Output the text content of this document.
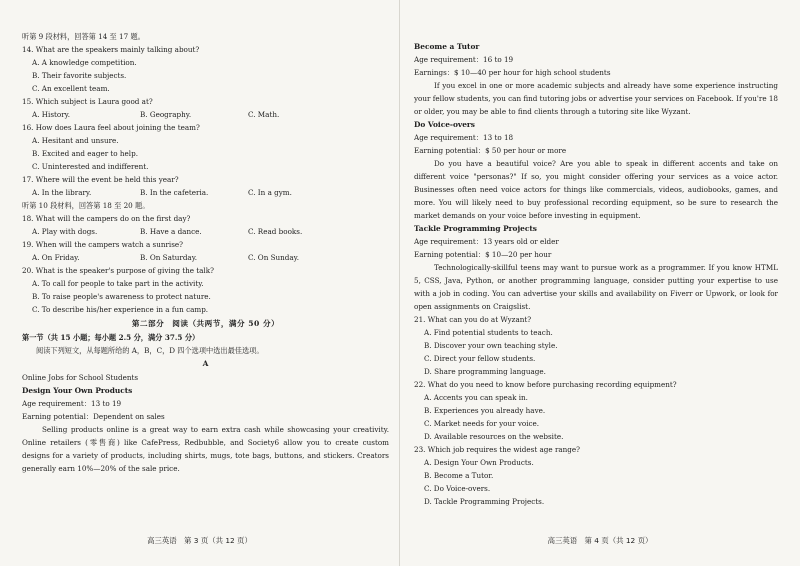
听第 9 段材料，回答第 14 至 17 题。
14. What are the speakers mainly talking about?
A. A knowledge competition.
B. Their favorite subjects.
C. An excellent team.
15. Which subject is Laura good at?
A. History.	B. Geography.	C. Math.
16. How does Laura feel about joining the team?
A. Hesitant and unsure.
B. Excited and eager to help.
C. Uninterested and indifferent.
17. Where will the event be held this year?
A. In the library.	B. In the cafeteria.	C. In a gym.
听第 10 段材料，回答第 18 至 20 题。
18. What will the campers do on the first day?
A. Play with dogs.	B. Have a dance.	C. Read books.
19. When will the campers watch a sunrise?
A. On Friday.	B. On Saturday.	C. On Sunday.
20. What is the speaker's purpose of giving the talk?
A. To call for people to take part in the activity.
B. To raise people's awareness to protect nature.
C. To describe his/her experience in a fun camp.
第二部分　阅读（共两节，满分 50 分）
第一节（共 15 小题；每小题 2.5 分，满分 37.5 分）
阅读下列短文，从每题所给的 A，B，C，D 四个选项中选出最佳选项。
A
Online Jobs for School Students
Design Your Own Products
Age requirement：13 to 19
Earning potential：Dependent on sales

Selling products online is a great way to earn extra cash while showcasing your creativity. Online retailers (零售商) like CafePress, Redbubble, and Society6 allow you to create custom designs for a variety of products, including shirts, mugs, tote bags, buttons, and stickers. Creators generally earn 10%—20% of the sale price.

高三英语　第 3 页（共 12 页）
Become a Tutor
Age requirement：16 to 19
Earnings：$ 10—40 per hour for high school students

If you excel in one or more academic subjects and already have some experience instructing your fellow students, you can find tutoring jobs or advertise your services on Facebook. If you're 18 or older, you may be able to find clients through a tutoring site like Wyzant.

Do Voice-overs
Age requirement：13 to 18
Earning potential：$ 50 per hour or more

Do you have a beautiful voice? Are you able to speak in different accents and take on different voice "personas?" If so, you might consider offering your services as a voice actor. Businesses often need voice actors for things like commercials, videos, audiobooks, games, and more. You will likely need to buy professional recording equipment, so be sure to research the market demands on your voice before investing in equipment.

Tackle Programming Projects
Age requirement：13 years old or elder
Earning potential：$ 10—20 per hour

Technologically-skillful teens may want to pursue work as a programmer. If you know HTML 5, CSS, Java, Python, or another programming language, consider putting your expertise to use with a job in coding. You can advertise your skills and availability on Fiverr or Upwork, or look for open assignments on Craigslist.

21. What can you do at Wyzant?
A. Find potential students to teach.
B. Discover your own teaching style.
C. Direct your fellow students.
D. Share programming language.
22. What do you need to know before purchasing recording equipment?
A. Accents you can speak in.
B. Experiences you already have.
C. Market needs for your voice.
D. Available resources on the website.
23. Which job requires the widest age range?
A. Design Your Own Products.
B. Become a Tutor.
C. Do Voice-overs.
D. Tackle Programming Projects.
高三英语　第 4 页（共 12 页）
